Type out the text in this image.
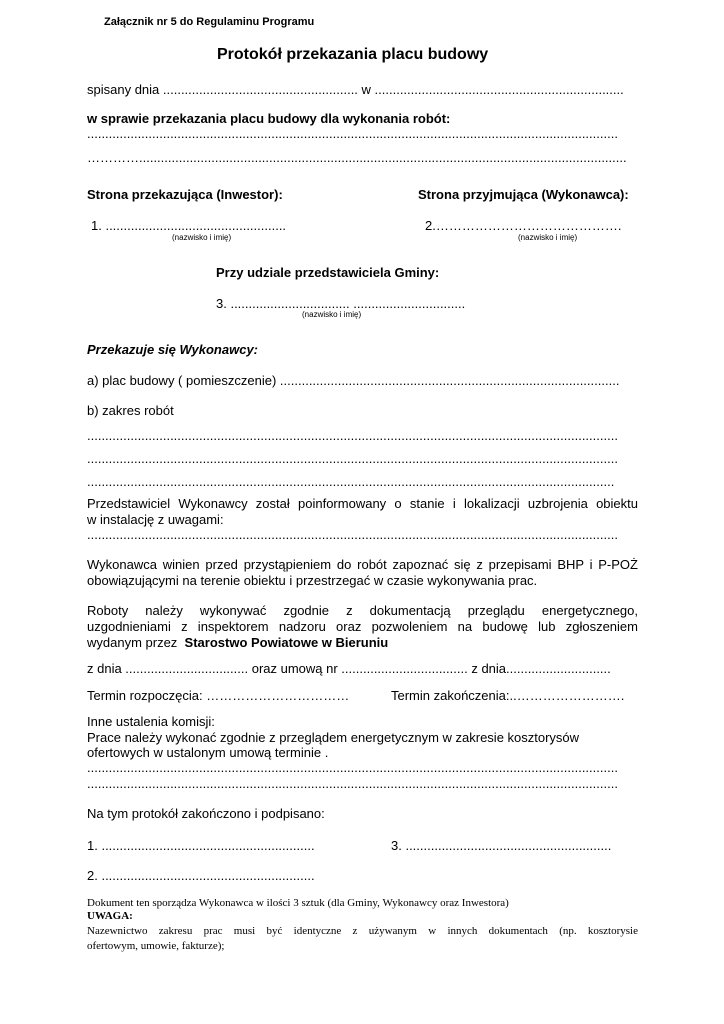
Załącznik nr 5 do Regulaminu Programu
Protokół przekazania placu budowy
spisany dnia ...................................................... w .....................................................................
w sprawie przekazania placu budowy dla wykonania robót:
...................................................................................................................................................
………….......................................................................................................................................
Strona przekazująca (Inwestor):	Strona przyjmująca (Wykonawca):
1. ..................................................
(nazwisko i imię)
2.…………………………………….
(nazwisko i imię)
Przy udziale przedstawiciela Gminy:
3. ................................. ...............................
(nazwisko i imię)
Przekazuje się Wykonawcy:
a) plac budowy ( pomieszczenie) ..............................................................................................
b) zakres robót
...................................................................................................................................................
...................................................................................................................................................
..................................................................................................................................................
Przedstawiciel Wykonawcy został poinformowany o stanie i lokalizacji uzbrojenia obiektu
w instalację z uwagami:
...................................................................................................................................................
Wykonawca winien przed przystąpieniem do robót zapoznać się z przepisami BHP i P-POŻ
obowiązującymi na terenie obiektu i przestrzegać w czasie wykonywania prac.
Roboty należy wykonywać zgodnie z dokumentacją przeglądu energetycznego,
uzgodnieniami z inspektorem nadzoru oraz pozwoleniem na budowę lub zgłoszeniem
wydanym przez Starostwo Powiatowe w Bieruniu
z dnia .................................. oraz umową nr ................................... z dnia.............................
Termin rozpoczęcia: ……………………………	Termin zakończenia:..…………………….
Inne ustalenia komisji:
Prace należy wykonać zgodnie z przeglądem energetycznym w zakresie kosztorysów
ofertowych w ustalonym umową terminie .
...................................................................................................................................................
...................................................................................................................................................
Na tym protokół zakończono i podpisano:
1. ...........................................................	3. .........................................................
2. ...........................................................
Dokument ten sporządza Wykonawca w ilości 3 sztuk (dla Gminy, Wykonawcy oraz Inwestora)
UWAGA:
Nazewnictwo zakresu prac musi być identyczne z używanym w innych dokumentach (np. kosztorysie
ofertowym, umowie, fakturze);
